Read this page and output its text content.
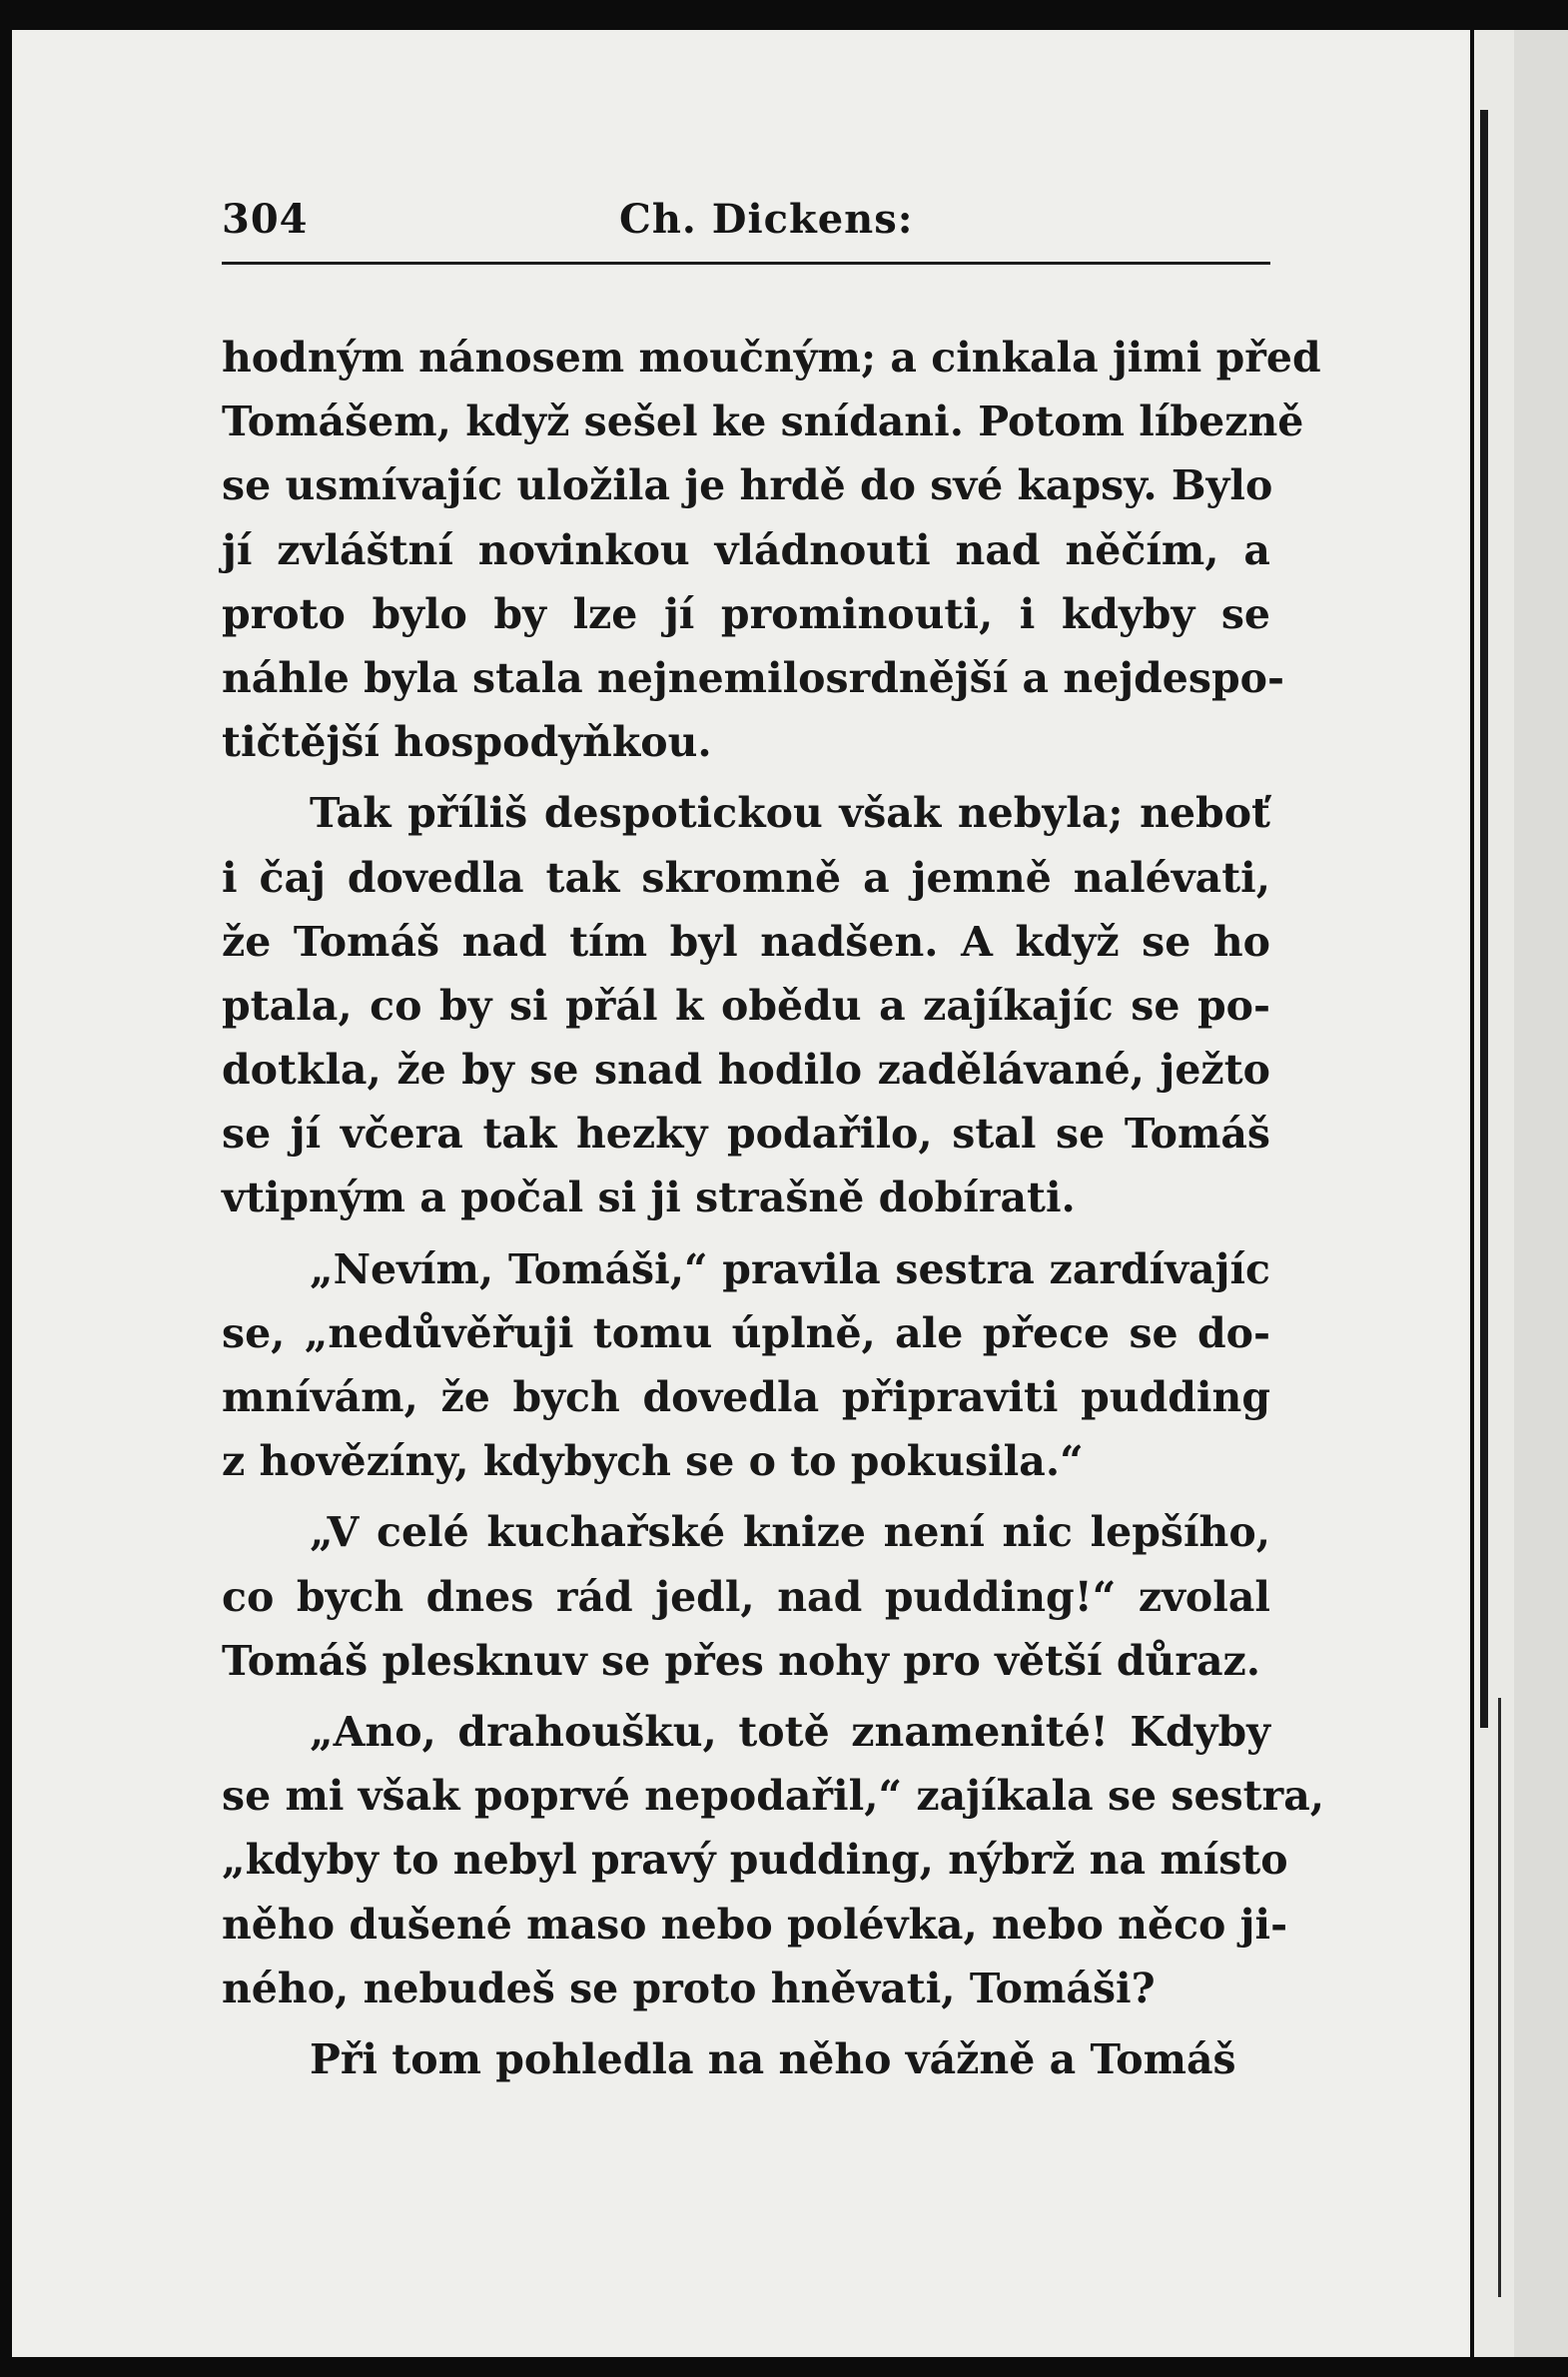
304	Ch. Dickens:
hodným nánosem moučným; a cinkala jimi před
Tomášem, když sešel ke snídani. Potom líbezně
se usmívajíc uložila je hrdě do své kapsy. Bylo
jí zvláštní novinkou vládnouti nad něčím, a
proto bylo by lze jí prominouti, i kdyby se
náhle byla stala nejnemilosrdnější a nejdespo-
tičtější hospodyňkou.
Tak příliš despotickou však nebyla; neboť
i čaj dovedla tak skromně a jemně nalévati,
že Tomáš nad tím byl nadšen. A když se ho
ptala, co by si přál k obědu a zajíkajíc se po-
dotkla, že by se snad hodilo zadělávané, ježto
se jí včera tak hezky podařilo, stal se Tomáš
vtipným a počal si ji strašně dobírati.
„Nevím, Tomáši,“ pravila sestra zardívajíc
se, „nedůvěřuji tomu úplně, ale přece se do-
mnívám, že bych dovedla připraviti pudding
z hovězíny, kdybych se o to pokusila.“
„V celé kuchařské knize není nic lepšího,
co bych dnes rád jedl, nad pudding!“ zvolal
Tomáš plesknuv se přes nohy pro větší důraz.
„Ano, drahoušku, totě znamenité! Kdyby
se mi však poprvé nepodařil,“ zajíkala se sestra,
„kdyby to nebyl pravý pudding, nýbrž na místo
něho dušené maso nebo polévka, nebo něco ji-
ného, nebudeš se proto hněvati, Tomáši?
Při tom pohledla na něho vážně a Tomáš
